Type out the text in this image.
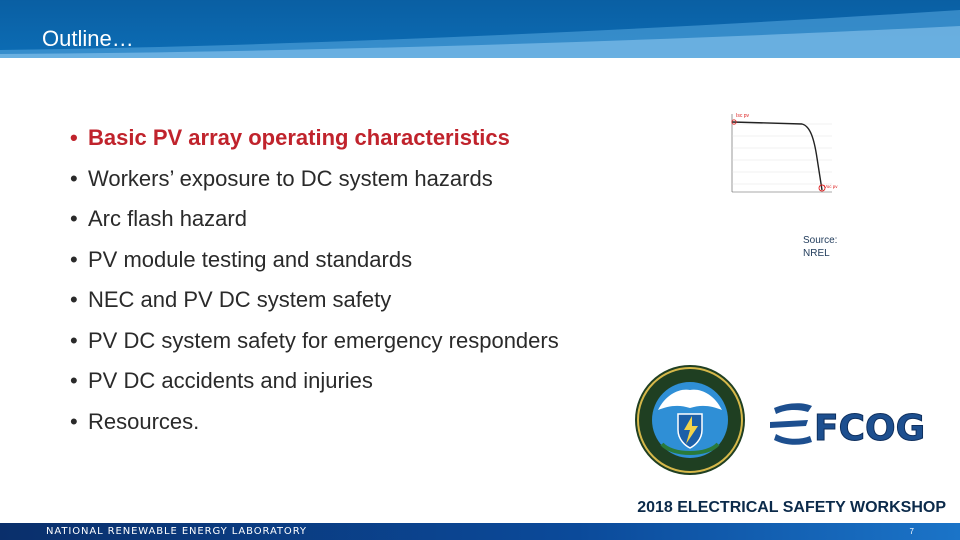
Outline…
• Basic PV array operating characteristics
• Workers’ exposure to DC system hazards
• Arc flash hazard
• PV module testing and standards
• NEC and PV DC system safety
• PV DC system safety for emergency responders
• PV DC accidents and injuries
• Resources.
Isc pv
Voc pv
Source:
NREL
FCOG
2018 ELECTRICAL SAFETY WORKSHOP
NATIONAL RENEWABLE ENERGY LABORATORY	7
